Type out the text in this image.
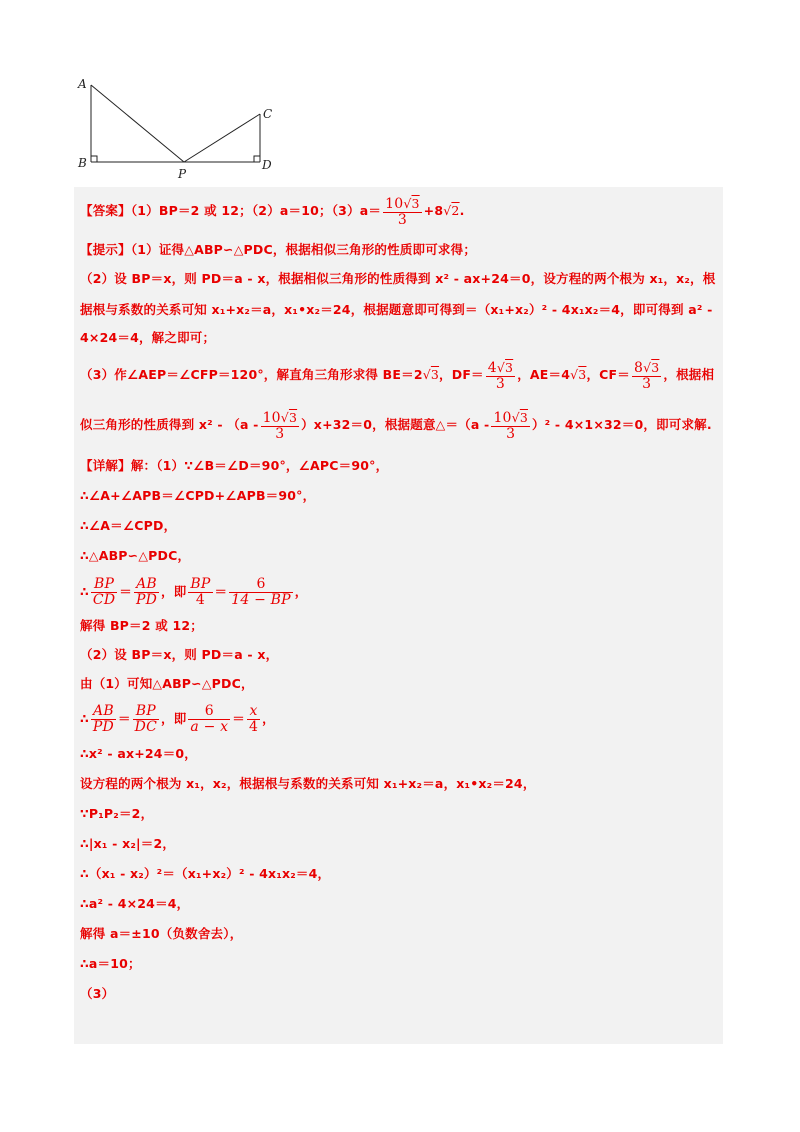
A
B
C
D
P
【答案】（1）BP＝2 或 12；（2）a＝10；$(3)a= \frac{10√3}{3} +8√2$.
【提示】（1）证得△ABP∽△PDC，根据相似三角形的性质即可求得；
（2）设 BP＝x，则 PD＝a - x，根据相似三角形的性质得到 x² - ax+24＝0，设方程的两个根为 x₁，x₂，根
据根与系数的关系可知 x₁+x₂＝a，x₁•x₂＝24，根据题意即可得到＝（x₁+x₂）² - 4x₁x₂＝4，即可得到 a² -
4×24＝4，解之即可；
（3）作∠AEP＝∠CFP＝120°，解直角三角形求得 BE＝2√3，$DF= \frac{4√3}{3}$ ，AE＝4√3，$CF= \frac{8√3}{3}$ ，根据相
似三角形的性质得到 $x^2 - (a - \frac{10√3}{3} )x+32=0$，根据题意△＝（a - $\frac{10√3}{3} )^2 - 4\times 1\times 32=0$，即可求解.
【详解】解：（1）∵∠B＝∠D＝90°，∠APC＝90°，
∴∠A+∠APB＝∠CPD+∠APB＝90°，
∴∠A＝∠CPD，
∴△ABP∽△PDC，
∴ $\frac{BP}{CD} = \frac{AB}{PD}$ ，即 $\frac{BP}{4} = \frac{6}{14 - BP}$ ，
解得 BP＝2 或 12；
（2）设 BP＝x，则 PD＝a - x，
由（1）可知△ABP∽△PDC，
∴ $\frac{AB}{PD} = \frac{BP}{DC}$ ，即 $\frac{6}{a - x} = \frac{x}{4}$ ，
∴x² - ax+24＝0，
设方程的两个根为 x₁，x₂，根据根与系数的关系可知 x₁+x₂＝a，x₁•x₂＝24，
∵P₁P₂＝2，
∴|x₁ - x₂|＝2，
∴（x₁ - x₂）²＝（x₁+x₂）² - 4x₁x₂＝4，
∴a² - 4×24＝4，
解得 a＝±10（负数舍去），
∴a＝10；
（3）
